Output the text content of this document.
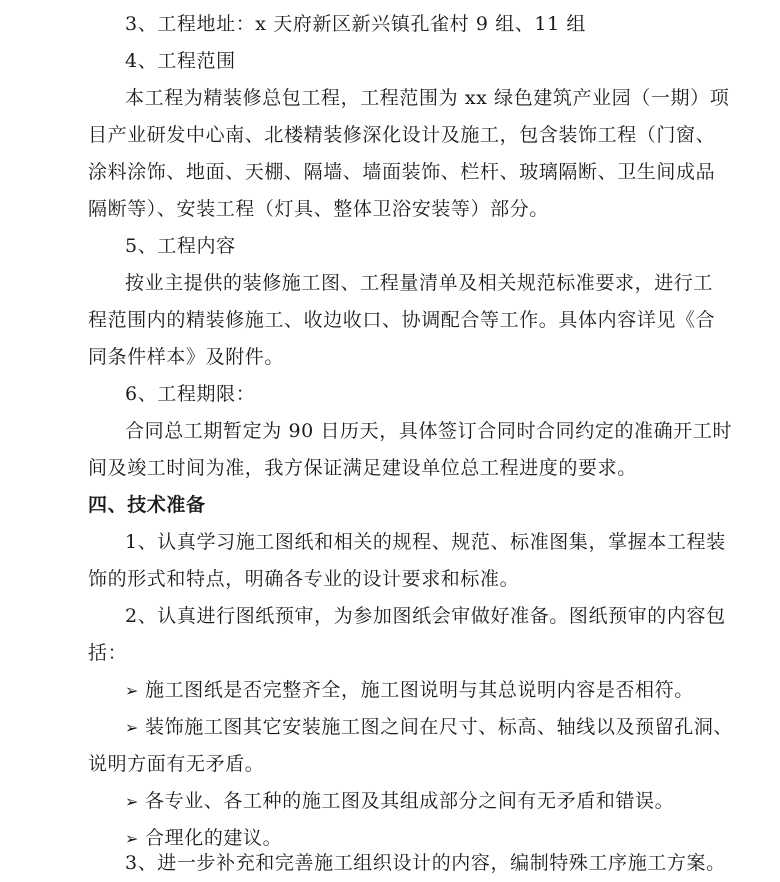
3、工程地址：x 天府新区新兴镇孔雀村 9 组、11 组

4、工程范围

本工程为精装修总包工程，工程范围为 xx 绿色建筑产业园（一期）项

目产业研发中心南、北楼精装修深化设计及施工，包含装饰工程（门窗、

涂料涂饰、地面、天棚、隔墙、墙面装饰、栏杆、玻璃隔断、卫生间成品

隔断等）、安装工程（灯具、整体卫浴安装等）部分。

5、工程内容

按业主提供的装修施工图、工程量清单及相关规范标准要求，进行工

程范围内的精装修施工、收边收口、协调配合等工作。具体内容详见《合

同条件样本》及附件。

6、工程期限：

合同总工期暂定为 90 日历天，具体签订合同时合同约定的准确开工时

间及竣工时间为准，我方保证满足建设单位总工程进度的要求。

四、技术准备

1、认真学习施工图纸和相关的规程、规范、标准图集，掌握本工程装

饰的形式和特点，明确各专业的设计要求和标准。

2、认真进行图纸预审，为参加图纸会审做好准备。图纸预审的内容包

括：

➢ 施工图纸是否完整齐全，施工图说明与其总说明内容是否相符。

➢ 装饰施工图其它安装施工图之间在尺寸、标高、轴线以及预留孔洞、

说明方面有无矛盾。

➢ 各专业、各工种的施工图及其组成部分之间有无矛盾和错误。

➢ 合理化的建议。

3、进一步补充和完善施工组织设计的内容，编制特殊工序施工方案。
